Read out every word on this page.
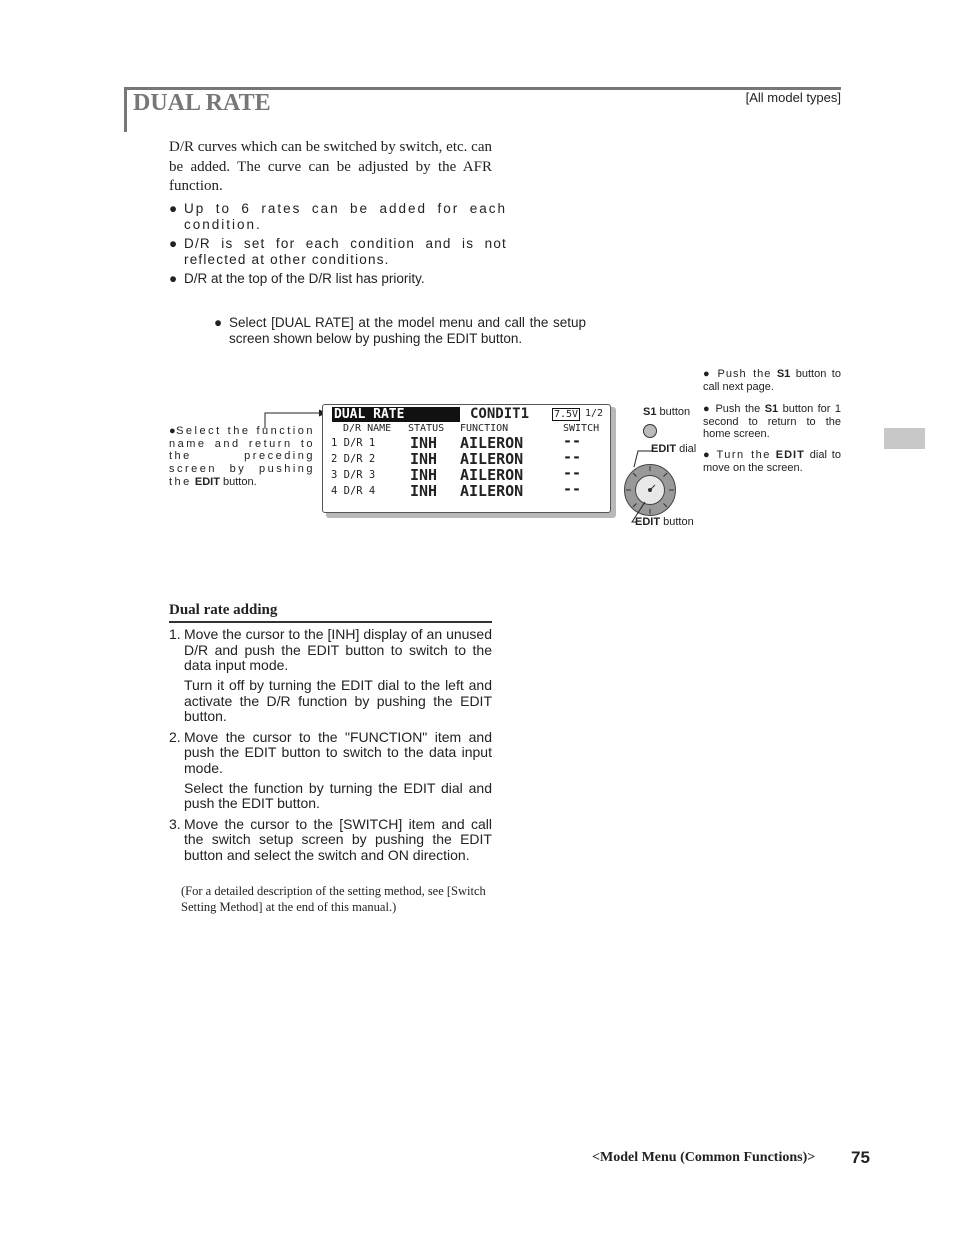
DUAL RATE	[All model types]
D/R curves which can be switched by switch, etc. can be added. The curve can be adjusted by the AFR function.
● Up to 6 rates can be added for each condition.
● D/R is set for each condition and is not reflected at other conditions.
● D/R at the top of the D/R list has priority.
● Select [DUAL RATE] at the model menu and call the setup screen shown below by pushing the EDIT button.
●Select the function name and return to the preceding screen by pushing the EDIT button.
DUAL RATE	CONDIT1 7.5V 1/2
D/R NAME STATUS FUNCTION	SWITCH
1 D/R 1 INH AILERON	--
2 D/R 2 INH AILERON	--
3 D/R 3 INH AILERON	--
4 D/R 4 INH AILERON	--
S1 button
EDIT dial
EDIT button
● Push the S1 button to call next page.
● Push the S1 button for 1 second to return to the home screen.
● Turn the EDIT dial to move on the screen.
Dual rate adding
1. Move the cursor to the [INH] display of an unused D/R and push the EDIT button to switch to the data input mode.
Turn it off by turning the EDIT dial to the left and activate the D/R function by pushing the EDIT button.
2. Move the cursor to the "FUNCTION" item and push the EDIT button to switch to the data input mode.
Select the function by turning the EDIT dial and push the EDIT button.
3. Move the cursor to the [SWITCH] item and call the switch setup screen by pushing the EDIT button and select the switch and ON direction.
(For a detailed description of the setting method, see [Switch Setting Method] at the end of this manual.)
<Model Menu (Common Functions)> 75
